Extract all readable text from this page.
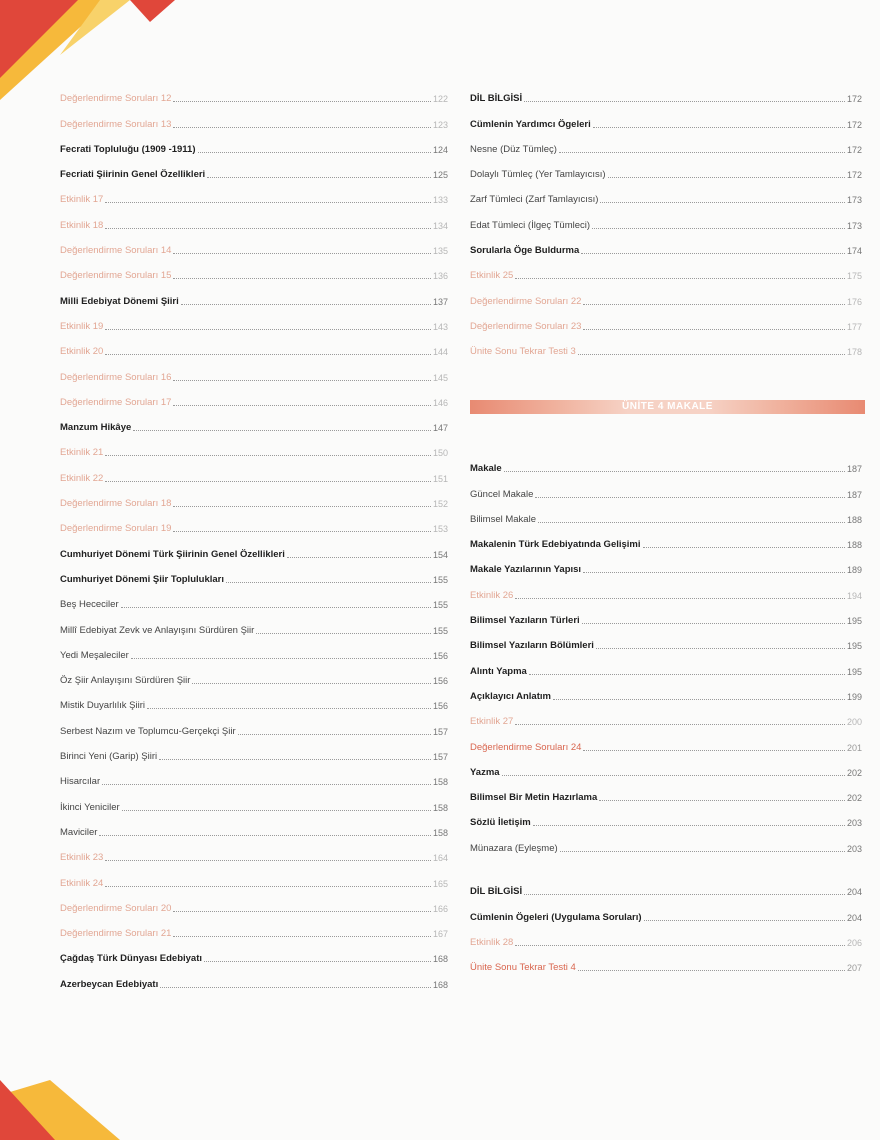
Değerlendirme Soruları 12	122
Değerlendirme Soruları 13	123
Fecrati Topluluğu (1909 -1911)	124
Fecriati Şiirinin Genel Özellikleri	125
Etkinlik 17	133
Etkinlik 18	134
Değerlendirme Soruları 14	135
Değerlendirme Soruları 15	136
Milli Edebiyat Dönemi Şiiri	137
Etkinlik 19	143
Etkinlik 20	144
Değerlendirme Soruları 16	145
Değerlendirme Soruları 17	146
Manzum Hikâye	147
Etkinlik 21	150
Etkinlik 22	151
Değerlendirme Soruları 18	152
Değerlendirme Soruları 19	153
Cumhuriyet Dönemi Türk Şiirinin Genel Özellikleri	154
Cumhuriyet Dönemi Şiir Toplulukları	155
Beş Hececiler	155
Millî Edebiyat Zevk ve Anlayışını Sürdüren Şiir	155
Yedi Meşaleciler	156
Öz Şiir Anlayışını Sürdüren Şiir	156
Mistik Duyarlılık Şiiri	156
Serbest Nazım ve Toplumcu-Gerçekçi Şiir	157
Birinci Yeni (Garip) Şiiri	157
Hisarcılar	158
İkinci Yeniciler	158
Maviciler	158
Etkinlik 23	164
Etkinlik 24	165
Değerlendirme Soruları 20	166
Değerlendirme Soruları 21	167
Çağdaş Türk Dünyası Edebiyatı	168
Azerbeycan Edebiyatı	168
DİL BİLGİSİ	172
Cümlenin Yardımcı Ögeleri	172
Nesne (Düz Tümleç)	172
Dolaylı Tümleç (Yer Tamlayıcısı)	172
Zarf Tümleci (Zarf Tamlayıcısı)	173
Edat Tümleci (İlgeç Tümleci)	173
Sorularla Öge Buldurma	174
Etkinlik 25	175
Değerlendirme Soruları 22	176
Değerlendirme Soruları 23	177
Ünite Sonu Tekrar Testi 3	178
ÜNİTE 4 MAKALE
Makale	187
Güncel Makale	187
Bilimsel Makale	188
Makalenin Türk Edebiyatında Gelişimi	188
Makale Yazılarının Yapısı	189
Etkinlik 26	194
Bilimsel Yazıların Türleri	195
Bilimsel Yazıların Bölümleri	195
Alıntı Yapma	195
Açıklayıcı Anlatım	199
Etkinlik 27	200
Değerlendirme Soruları 24	201
Yazma	202
Bilimsel Bir Metin Hazırlama	202
Sözlü İletişim	203
Münazara (Eyleşme)	203
DİL BİLGİSİ	204
Cümlenin Ögeleri (Uygulama Soruları)	204
Etkinlik 28	206
Ünite Sonu Tekrar Testi 4	207
